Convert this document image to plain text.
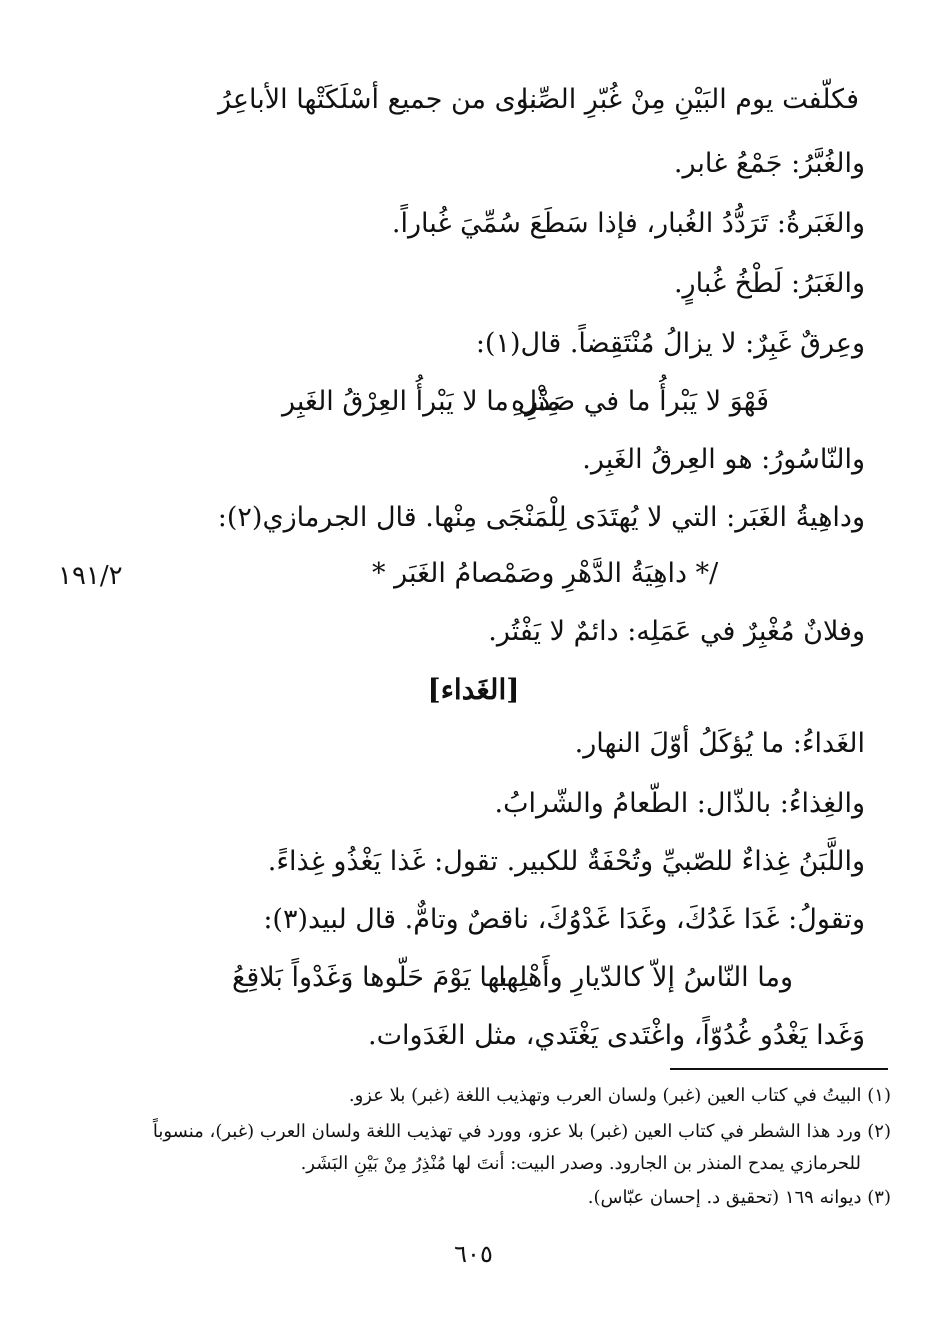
فكلّفت يوم البَيْنِ مِنْ غُبّرِ الصِّبا
نوى من جميع أسْلَكَتْها الأباعِرُ
والغُبَّرُ: جَمْعُ غابر.
والغَبَرةُ: تَرَدُّدُ الغُبار، فإذا سَطَعَ سُمِّيَ غُباراً.
والغَبَرُ: لَطْخُ غُبارٍ.
وعِرقٌ غَبِرٌ: لا يزالُ مُنْتَقِضاً. قال(١):
فَهْوَ لا يَبْرأُ ما في صَدْرِهِ
مِثْل ما لا يَبْرأُ العِرْقُ الغَبِر
والنّاسُورُ: هو العِرقُ الغَبِر.
وداهِيةُ الغَبَر: التي لا يُهتَدَى لِلْمَنْجَى مِنْها. قال الجرمازي(٢):
/* داهِيَةُ الدَّهْرِ وصَمْصامُ الغَبَر *
١٩١/٢
وفلانٌ مُغْبِرٌ في عَمَلِه: دائمٌ لا يَفْتُر.
[الغَداء]
الغَداءُ: ما يُؤكَلُ أوّلَ النهار.
والغِذاءُ: بالذّال: الطّعامُ والشّرابُ.
واللَّبَنُ غِذاءٌ للصّبيِّ وتُحْفَةٌ للكبير. تقول: غَذا يَغْذُو غِذاءً.
وتقولُ: غَدَا غَدُكَ، وغَدَا غَدْوُكَ، ناقصٌ وتامٌّ. قال لبيد(٣):
وما النّاسُ إلاّ كالدّيارِ وأَهْلِها
بها يَوْمَ حَلّوها وَغَدْواً بَلاقِعُ
وَغَدا يَغْدُو غُدُوّاً، واغْتَدى يَغْتَدي، مثل الغَدَوات.
(١) البيتُ في كتاب العين (غبر) ولسان العرب وتهذيب اللغة (غبر) بلا عزو.
(٢) ورد هذا الشطر في كتاب العين (غبر) بلا عزو، وورد في تهذيب اللغة ولسان العرب (غبر)، منسوباً
للحرمازي يمدح المنذر بن الجارود. وصدر البيت: أنتَ لها مُنْذِرُ مِنْ بَيْنِ البَشَر.
(٣) ديوانه ١٦٩ (تحقيق د. إحسان عبّاس).
٦٠٥
